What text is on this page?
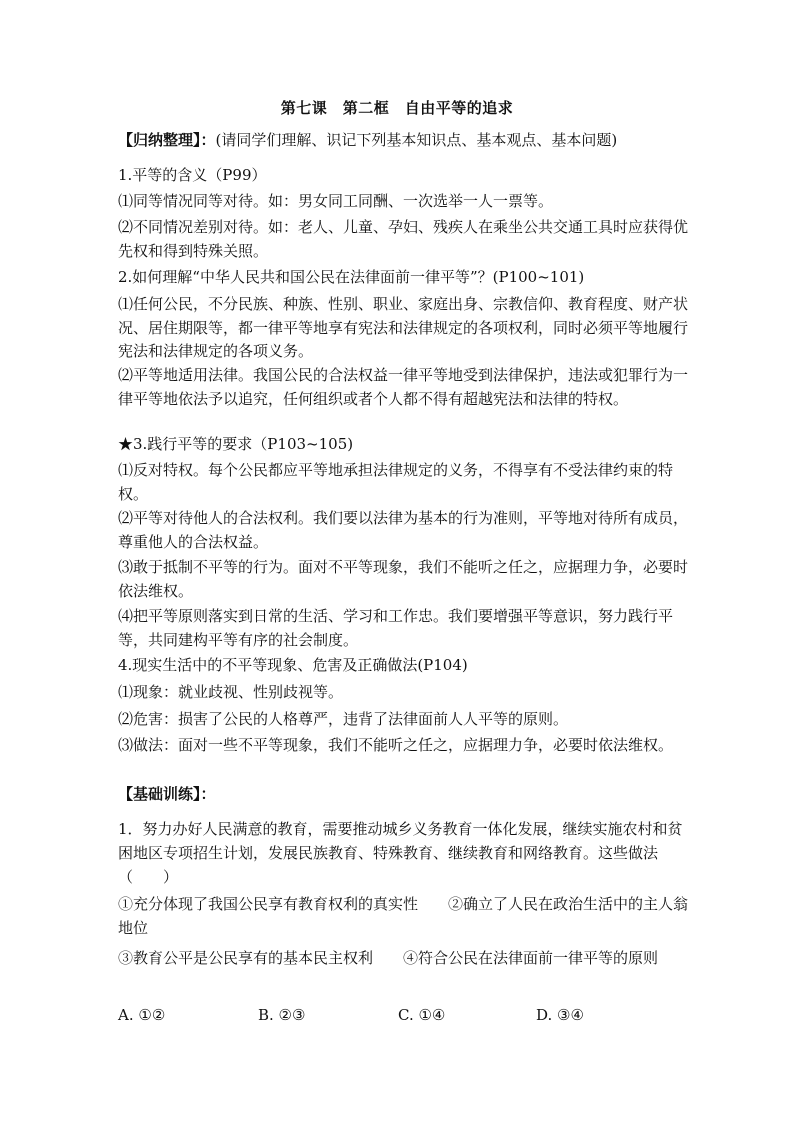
第七课　第二框　自由平等的追求
【归纳整理】：(请同学们理解、识记下列基本知识点、基本观点、基本问题)
1.平等的含义（P99）
⑴同等情况同等对待。如：男女同工同酬、一次选举一人一票等。
⑵不同情况差别对待。如：老人、儿童、孕妇、残疾人在乘坐公共交通工具时应获得优先权和得到特殊关照。
2.如何理解“中华人民共和国公民在法律面前一律平等”？(P100~101)
⑴任何公民，不分民族、种族、性别、职业、家庭出身、宗教信仰、教育程度、财产状况、居住期限等，都一律平等地享有宪法和法律规定的各项权利，同时必须平等地履行宪法和法律规定的各项义务。
⑵平等地适用法律。我国公民的合法权益一律平等地受到法律保护，违法或犯罪行为一律平等地依法予以追究，任何组织或者个人都不得有超越宪法和法律的特权。
★3.践行平等的要求（P103~105)
⑴反对特权。每个公民都应平等地承担法律规定的义务，不得享有不受法律约束的特权。
⑵平等对待他人的合法权利。我们要以法律为基本的行为准则，平等地对待所有成员，尊重他人的合法权益。
⑶敢于抵制不平等的行为。面对不平等现象，我们不能听之任之，应据理力争，必要时依法维权。
⑷把平等原则落实到日常的生活、学习和工作忠。我们要增强平等意识，努力践行平等，共同建构平等有序的社会制度。
4.现实生活中的不平等现象、危害及正确做法(P104)
⑴现象：就业歧视、性别歧视等。
⑵危害：损害了公民的人格尊严，违背了法律面前人人平等的原则。
⑶做法：面对一些不平等现象，我们不能听之任之，应据理力争，必要时依法维权。
【基础训练】：
1．努力办好人民满意的教育，需要推动城乡义务教育一体化发展，继续实施农村和贫困地区专项招生计划，发展民族教育、特殊教育、继续教育和网络教育。这些做法（　　）
①充分体现了我国公民享有教育权利的真实性　　②确立了人民在政治生活中的主人翁地位
③教育公平是公民享有的基本民主权利　　④符合公民在法律面前一律平等的原则
A. ①②	B. ②③	C. ①④	D. ③④
